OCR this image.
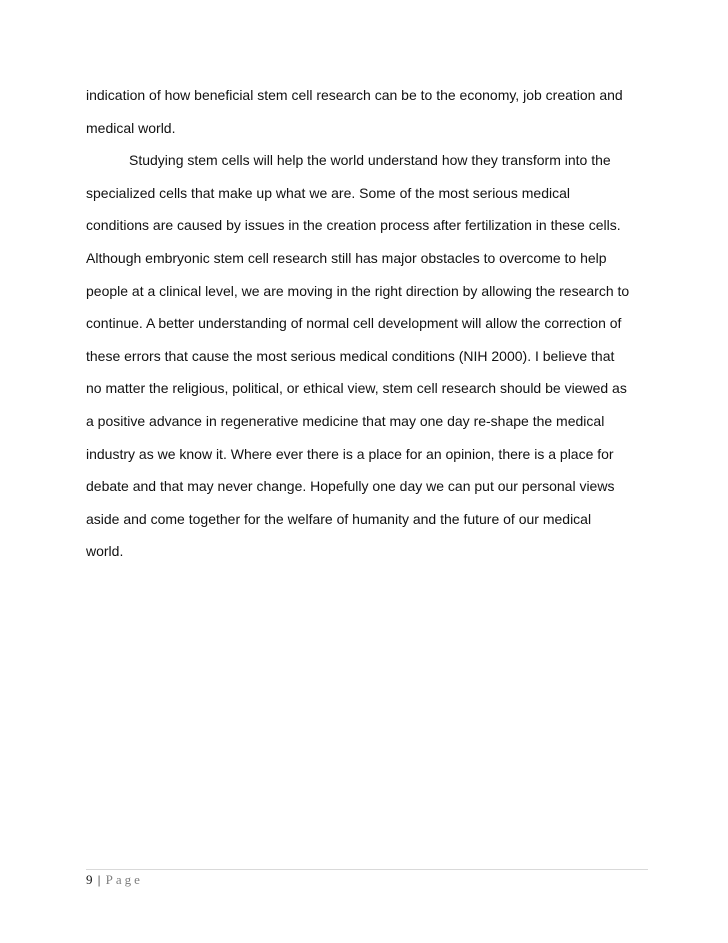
indication of how beneficial stem cell research can be to the economy, job creation and
medical world.
Studying stem cells will help the world understand how they transform into the
specialized cells that make up what we are. Some of the most serious medical
conditions are caused by issues in the creation process after fertilization in these cells.
Although embryonic stem cell research still has major obstacles to overcome to help
people at a clinical level, we are moving in the right direction by allowing the research to
continue. A better understanding of normal cell development will allow the correction of
these errors that cause the most serious medical conditions (NIH 2000). I believe that
no matter the religious, political, or ethical view, stem cell research should be viewed as
a positive advance in regenerative medicine that may one day re-shape the medical
industry as we know it. Where ever there is a place for an opinion, there is a place for
debate and that may never change. Hopefully one day we can put our personal views
aside and come together for the welfare of humanity and the future of our medical
world.
9 | Page
